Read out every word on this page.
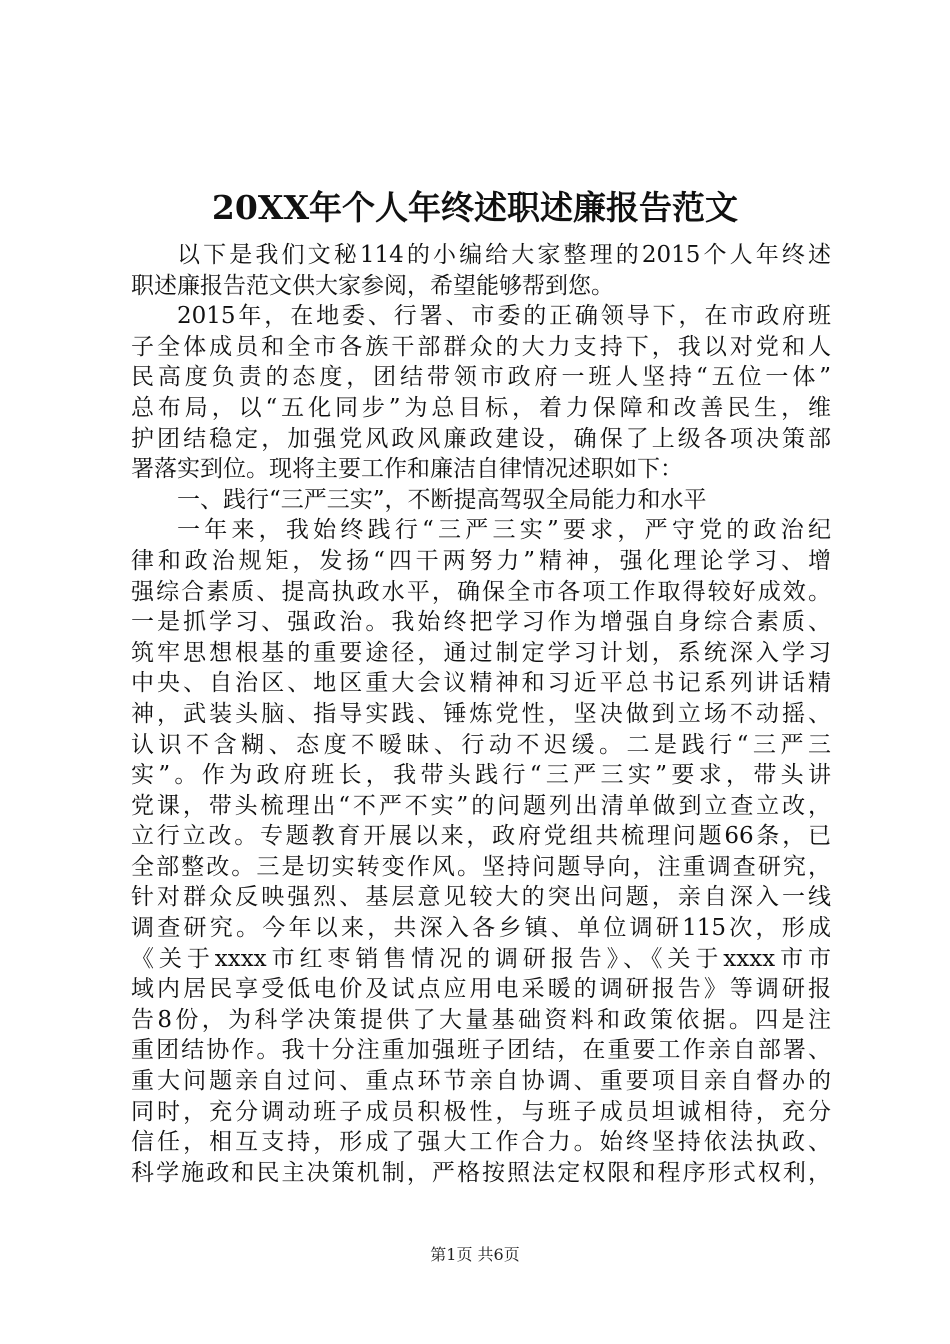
20XX年个人年终述职述廉报告范文
以下是我们文秘114的小编给大家整理的2015个人年终述
职述廉报告范文供大家参阅，希望能够帮到您。
2015年，在地委、行署、市委的正确领导下，在市政府班
子全体成员和全市各族干部群众的大力支持下，我以对党和人
民高度负责的态度，团结带领市政府一班人坚持“五位一体”
总布局，以“五化同步”为总目标，着力保障和改善民生，维
护团结稳定，加强党风政风廉政建设，确保了上级各项决策部
署落实到位。现将主要工作和廉洁自律情况述职如下：
一、践行“三严三实”，不断提高驾驭全局能力和水平
一年来，我始终践行“三严三实”要求，严守党的政治纪
律和政治规矩，发扬“四干两努力”精神，强化理论学习、增
强综合素质、提高执政水平，确保全市各项工作取得较好成效。
一是抓学习、强政治。我始终把学习作为增强自身综合素质、
筑牢思想根基的重要途径，通过制定学习计划，系统深入学习
中央、自治区、地区重大会议精神和习近平总书记系列讲话精
神，武装头脑、指导实践、锤炼党性，坚决做到立场不动摇、
认识不含糊、态度不暧昧、行动不迟缓。二是践行“三严三
实”。作为政府班长，我带头践行“三严三实”要求，带头讲
党课，带头梳理出“不严不实”的问题列出清单做到立查立改，
立行立改。专题教育开展以来，政府党组共梳理问题66条，已
全部整改。三是切实转变作风。坚持问题导向，注重调查研究，
针对群众反映强烈、基层意见较大的突出问题，亲自深入一线
调查研究。今年以来，共深入各乡镇、单位调研115次，形成
《关于xxxx市红枣销售情况的调研报告》、《关于xxxx市市
域内居民享受低电价及试点应用电采暖的调研报告》等调研报
告8份，为科学决策提供了大量基础资料和政策依据。四是注
重团结协作。我十分注重加强班子团结，在重要工作亲自部署、
重大问题亲自过问、重点环节亲自协调、重要项目亲自督办的
同时，充分调动班子成员积极性，与班子成员坦诚相待，充分
信任，相互支持，形成了强大工作合力。始终坚持依法执政、
科学施政和民主决策机制，严格按照法定权限和程序形式权利，
第1页 共6页
